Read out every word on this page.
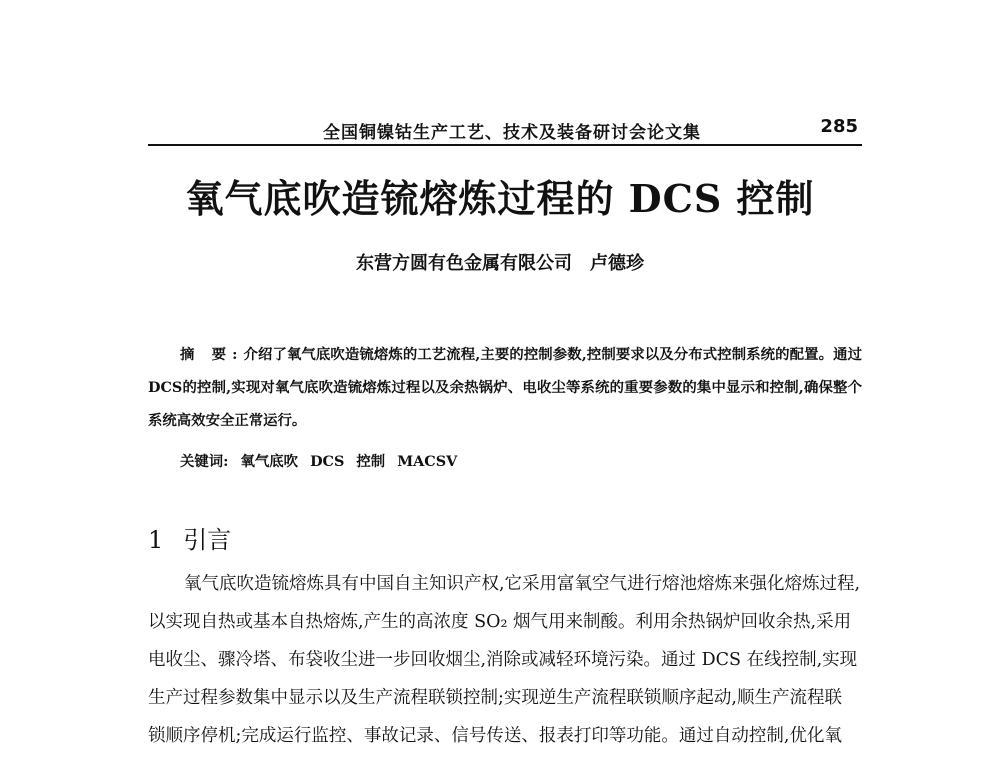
全国铜镍钴生产工艺、技术及装备研讨会论文集	285
氧气底吹造锍熔炼过程的 DCS 控制
东营方圆有色金属有限公司 卢德珍

摘 要:介绍了氧气底吹造锍熔炼的工艺流程,主要的控制参数,控制要求以及分布式控制系统的配置。通过DCS的控制,实现对氧气底吹造锍熔炼过程以及余热锅炉、电收尘等系统的重要参数的集中显示和控制,确保整个系统高效安全正常运行。

关键词: 氧气底吹 DCS 控制 MACSV
1 引言

氧气底吹造锍熔炼具有中国自主知识产权,它采用富氧空气进行熔池熔炼来强化熔炼过程,
以实现自热或基本自热熔炼,产生的高浓度 SO₂ 烟气用来制酸。利用余热锅炉回收余热,采用
电收尘、骤冷塔、布袋收尘进一步回收烟尘,消除或减轻环境污染。通过 DCS 在线控制,实现
生产过程参数集中显示以及生产流程联锁控制;实现逆生产流程联锁顺序起动,顺生产流程联
锁顺序停机;完成运行监控、事故记录、信号传送、报表打印等功能。通过自动控制,优化氧
